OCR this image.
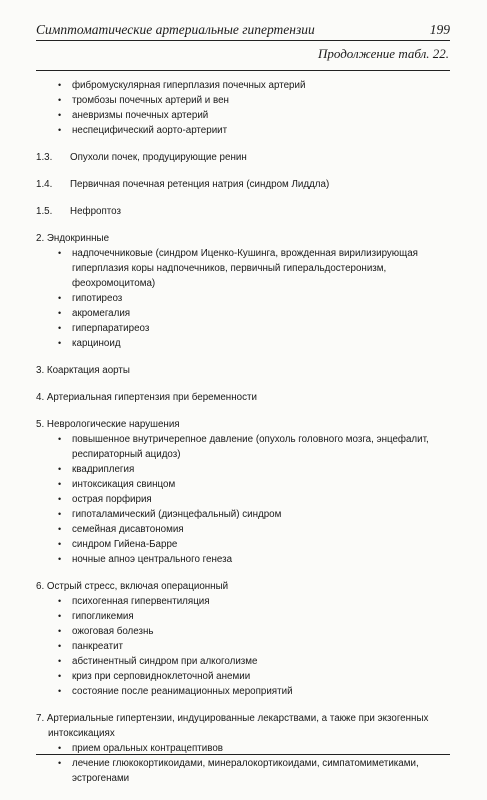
Симптоматические артериальные гипертензии	199
Продолжение табл. 22.
• фибромускулярная гиперплазия почечных артерий
• тромбозы почечных артерий и вен
• аневризмы почечных артерий
• неспецифический аорто-артериит
1.3.	Опухоли почек, продуцирующие ренин
1.4.	Первичная почечная ретенция натрия (синдром Лиддла)
1.5.	Нефроптоз
2. Эндокринные
• надпочечниковые (синдром Иценко-Кушинга, врожденная вирилизирующая гиперплазия коры надпочечников, первичный гиперальдостеронизм, феохромоцитома)
• гипотиреоз
• акромегалия
• гиперпаратиреоз
• карциноид
3. Коарктация аорты
4. Артериальная гипертензия при беременности
5. Неврологические нарушения
• повышенное внутричерепное давление (опухоль головного мозга, энцефалит, респираторный ацидоз)
• квадриплегия
• интоксикация свинцом
• острая порфирия
• гипоталамический (диэнцефальный) синдром
• семейная дисавтономия
• синдром Гийена-Барре
• ночные апноэ центрального генеза
6. Острый стресс, включая операционный
• психогенная гипервентиляция
• гипогликемия
• ожоговая болезнь
• панкреатит
• абстинентный синдром при алкоголизме
• криз при серповидноклеточной анемии
• состояние после реанимационных мероприятий
7. Артериальные гипертензии, индуцированные лекарствами, а также при экзогенных интоксикациях
• прием оральных контрацептивов
• лечение глюкокортикоидами, минералокортикоидами, симпатомиметиками, эстрогенами
